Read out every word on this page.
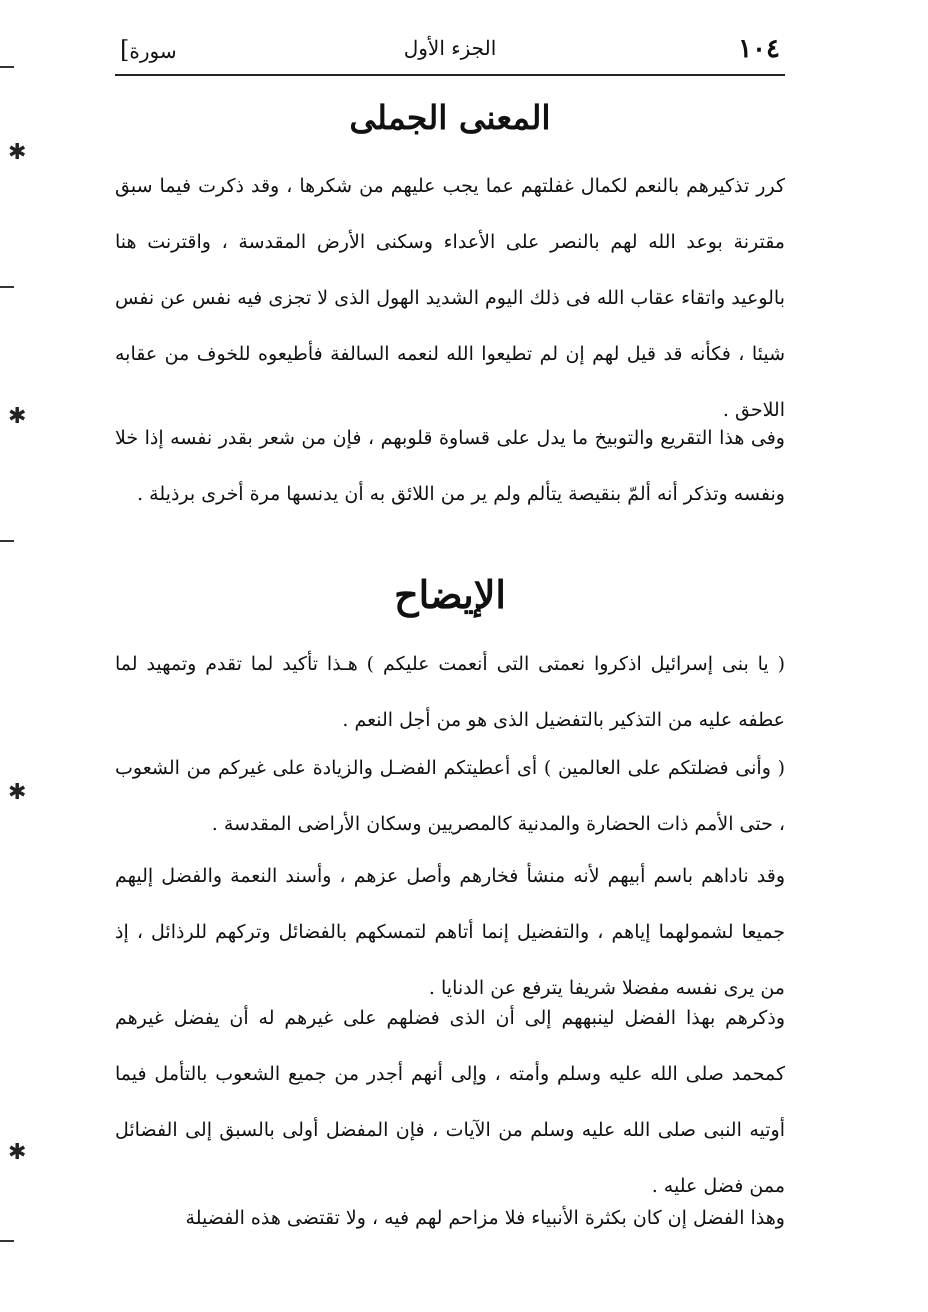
١٠٤
الجزء الأول
سورة]
المعنى الجملى

كرر تذكيرهم بالنعم لكمال غفلتهم عما يجب عليهم من شكرها ، وقد ذكرت فيما سبق مقترنة بوعد الله لهم بالنصر على الأعداء وسكنى الأرض المقدسة ، واقترنت هنا بالوعيد واتقاء عقاب الله فى ذلك اليوم الشديد الهول الذى لا تجزى فيه نفس عن نفس شيئا ، فكأنه قد قيل لهم إن لم تطيعوا الله لنعمه السالفة فأطيعوه للخوف من عقابه اللاحق .

وفى هذا التقريع والتوبيخ ما يدل على قساوة قلوبهم ، فإن من شعر بقدر نفسه إذا خلا ونفسه وتذكر أنه ألمّ بنقيصة يتألم ولم ير من اللائق به أن يدنسها مرة أخرى برذيلة .

الإيضاح

( يا بنى إسرائيل اذكروا نعمتى التى أنعمت عليكم ) هـذا تأكيد لما تقدم وتمهيد لما عطفه عليه من التذكير بالتفضيل الذى هو من أجل النعم .

( وأنى فضلتكم على العالمين ) أى أعطيتكم الفضـل والزيادة على غيركم من الشعوب ، حتى الأمم ذات الحضارة والمدنية كالمصريين وسكان الأراضى المقدسة .

وقد ناداهم باسم أبيهم لأنه منشأ فخارهم وأصل عزهم ، وأسند النعمة والفضل إليهم جميعا لشمولهما إياهم ، والتفضيل إنما أتاهم لتمسكهم بالفضائل وتركهم للرذائل ، إذ من يرى نفسه مفضلا شريفا يترفع عن الدنايا .

وذكرهم بهذا الفضل لينبههم إلى أن الذى فضلهم على غيرهم له أن يفضل غيرهم كمحمد صلى الله عليه وسلم وأمته ، وإلى أنهم أجدر من جميع الشعوب بالتأمل فيما أوتيه النبى صلى الله عليه وسلم من الآيات ، فإن المفضل أولى بالسبق إلى الفضائل ممن فضل عليه .

وهذا الفضل إن كان بكثرة الأنبياء فلا مزاحم لهم فيه ، ولا تقتضى هذه الفضيلة

✱
✱
✱
✱
